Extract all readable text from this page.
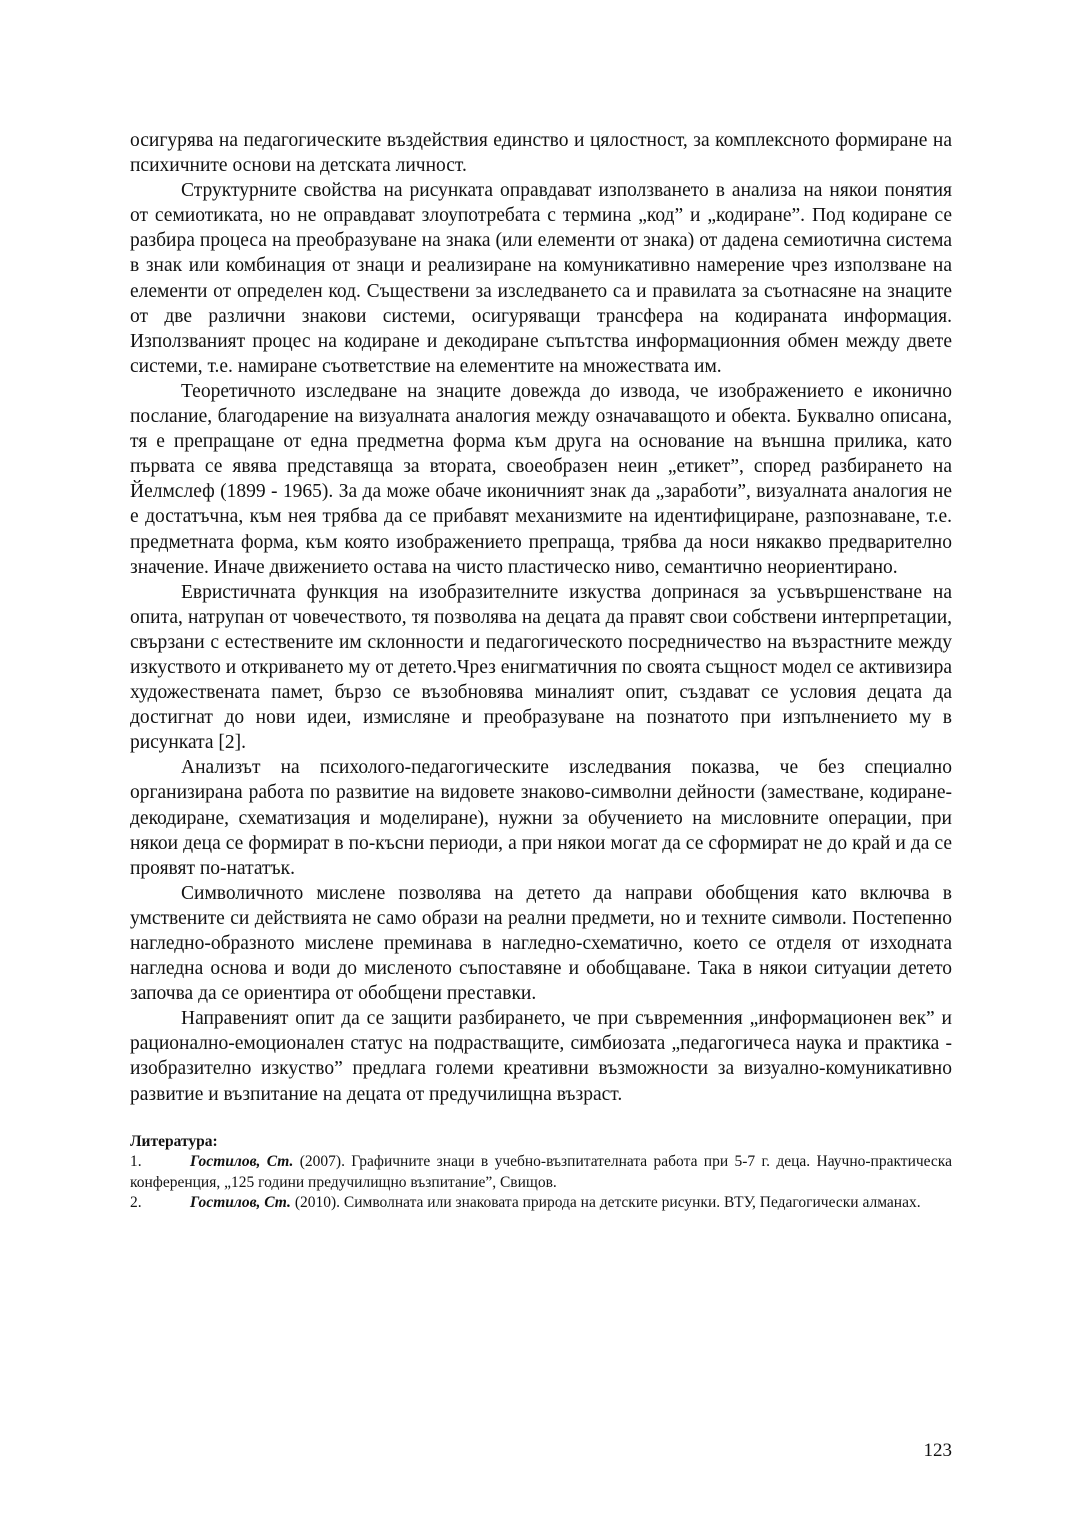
осигурява на педагогическите въздействия единство и цялостност, за комплексното формиране на психичните основи на детската личност.

Структурните свойства на рисунката оправдават използването в анализа на някои понятия от семиотиката, но не оправдават злоупотребата с термина „код” и „кодиране”. Под кодиране се разбира процеса на преобразуване на знака (или елементи от знака) от дадена семиотична система в знак или комбинация от знаци и реализиране на комуникативно намерение чрез използване на елементи от определен код. Съществени за изследването са и правилата за съотнасяне на знаците от две различни знакови системи, осигуряващи трансфера на кодираната информация. Използваният процес на кодиране и декодиране съпътства информационния обмен между двете системи, т.е. намиране съответствие на елементите на множествата им.

Теоретичното изследване на знаците довежда до извода, че изображението е иконично послание, благодарение на визуалната аналогия между означаващото и обекта. Буквално описана, тя е препращане от една предметна форма към друга на основание на външна прилика, като първата се явява представяща за втората, своеобразен неин „етикет”, според разбирането на Йелмслеф (1899 - 1965). За да може обаче иконичният знак да „заработи”, визуалната аналогия не е достатъчна, към нея трябва да се прибавят механизмите на идентифициране, разпознаване, т.е. предметната форма, към която изображението препраща, трябва да носи някакво предварително значение. Иначе движението остава на чисто пластическо ниво, семантично неориентирано.

Евристичната функция на изобразителните изкуства допринася за усъвършенстване на опита, натрупан от човечеството, тя позволява на децата да правят свои собствени интерпретации, свързани с естествените им склонности и педагогическото посредничество на възрастните между изкуството и откриването му от детето.Чрез енигматичния по своята същност модел се активизира художествената памет, бързо се възобновява миналият опит, създават се условия децата да достигнат до нови идеи, измисляне и преобразуване на познатото при изпълнението му в рисунката [2].

Анализът на психолого-педагогическите изследвания показва, че без специално организирана работа по развитие на видовете знаково-символни дейности (заместване, кодиране-декодиране, схематизация и моделиране), нужни за обучението на мисловните операции, при някои деца се формират в по-късни периоди, а при някои могат да се сформират не до край и да се проявят по-нататък.

Символичното мислене позволява на детето да направи обобщения като включва в умствените си действията не само образи на реални предмети, но и техните символи. Постепенно нагледно-образното мислене преминава в нагледно-схематично, което се отделя от изходната нагледна основа и води до мисленото съпоставяне и обобщаване. Така в някои ситуации детето започва да се ориентира от обобщени преставки.

Направеният опит да се защити разбирането, че при съвременния „информационен век” и рационално-емоционален статус на подрастващите, симбиозата „педагогичеса наука и практика - изобразително изкуство” предлага големи креативни възможности за визуално-комуникативно развитие и възпитание на децата от предучилищна възраст.

Литература:

1.	Гостилов, Ст. (2007). Графичните знаци в учебно-възпитателната работа при 5-7 г. деца. Научно-практическа конференция, „125 години предучилищно възпитание”, Свищов.

2.	Гостилов, Ст. (2010). Символната или знаковата природа на детските рисунки. ВТУ, Педагогически алманах.

123
